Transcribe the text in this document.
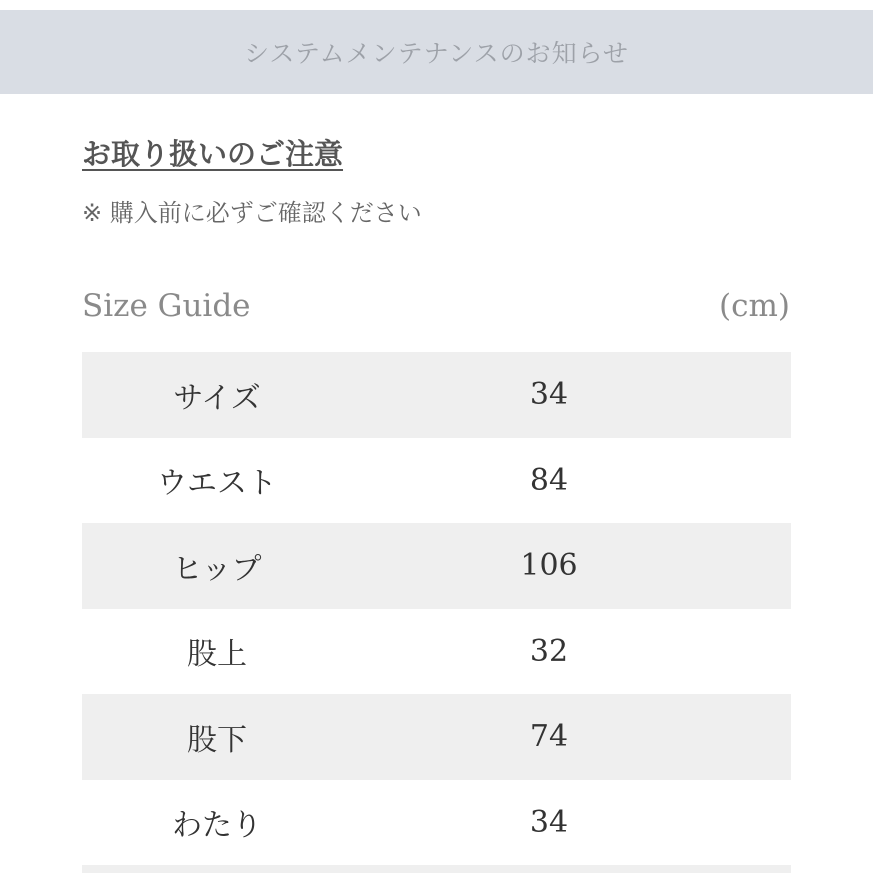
システムメンテナンスのお知らせ
お取り扱いのご注意

※ 購入前に必ずご確認ください

Size Guide	(cm)
サイズ	34	
ウエスト	84	
ヒップ	106	
股上	32	
股下	74	
わたり	34	
